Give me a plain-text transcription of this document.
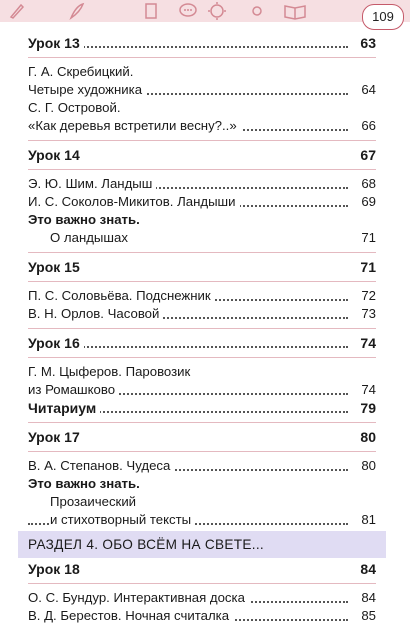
109
Урок 13	63
Г. А. Скребицкий.
Четыре художника	64
С. Г. Островой.
«Как деревья встретили весну?..»	66
Урок 14	67
Э. Ю. Шим. Ландыш	68
И. С. Соколов-Микитов. Ландыши	69
Это важно знать.
О ландышах	71
Урок 15	71
П. С. Соловьёва. Подснежник	72
В. Н. Орлов. Часовой	73
Урок 16	74
Г. М. Цыферов. Паровозик
из Ромашково	74
Читариум	79
Урок 17	80
В. А. Степанов. Чудеса	80
Это важно знать.
Прозаический
и стихотворный тексты	81
РАЗДЕЛ 4. ОБО ВСЁМ НА СВЕТЕ...
Урок 18	84
О. С. Бундур. Интерактивная доска	84
В. Д. Берестов. Ночная считалка	85
